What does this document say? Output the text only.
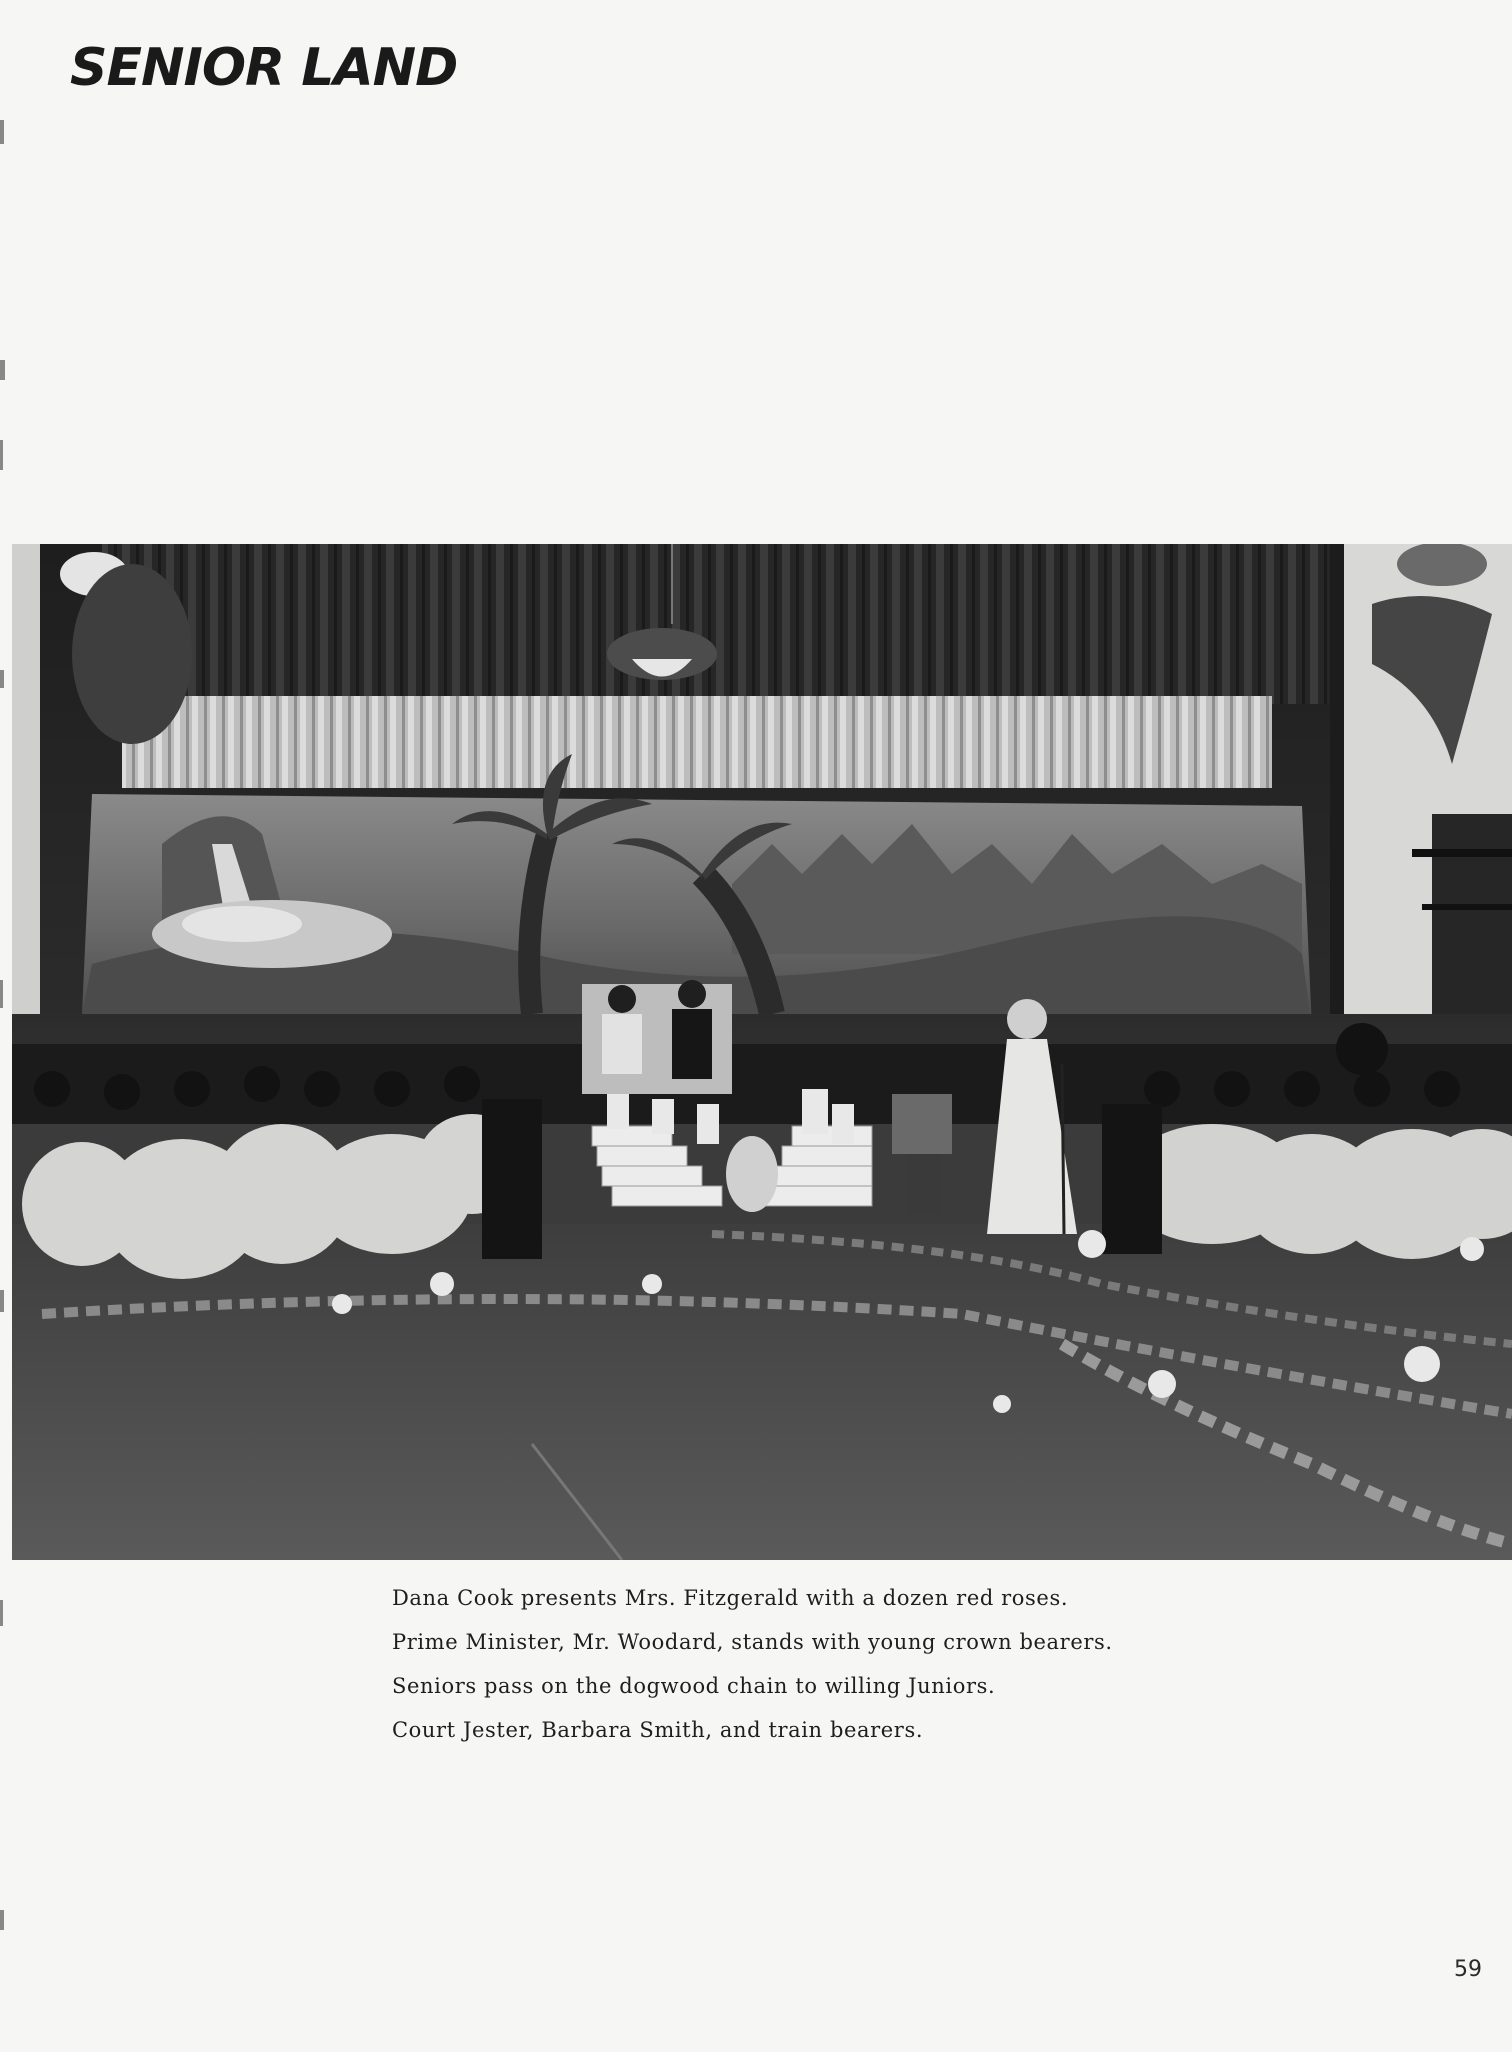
SENIOR LAND

Dana Cook presents Mrs. Fitzgerald with a dozen red roses.

Prime Minister, Mr. Woodard, stands with young crown bearers.

Seniors pass on the dogwood chain to willing Juniors.

Court Jester, Barbara Smith, and train bearers.

59
